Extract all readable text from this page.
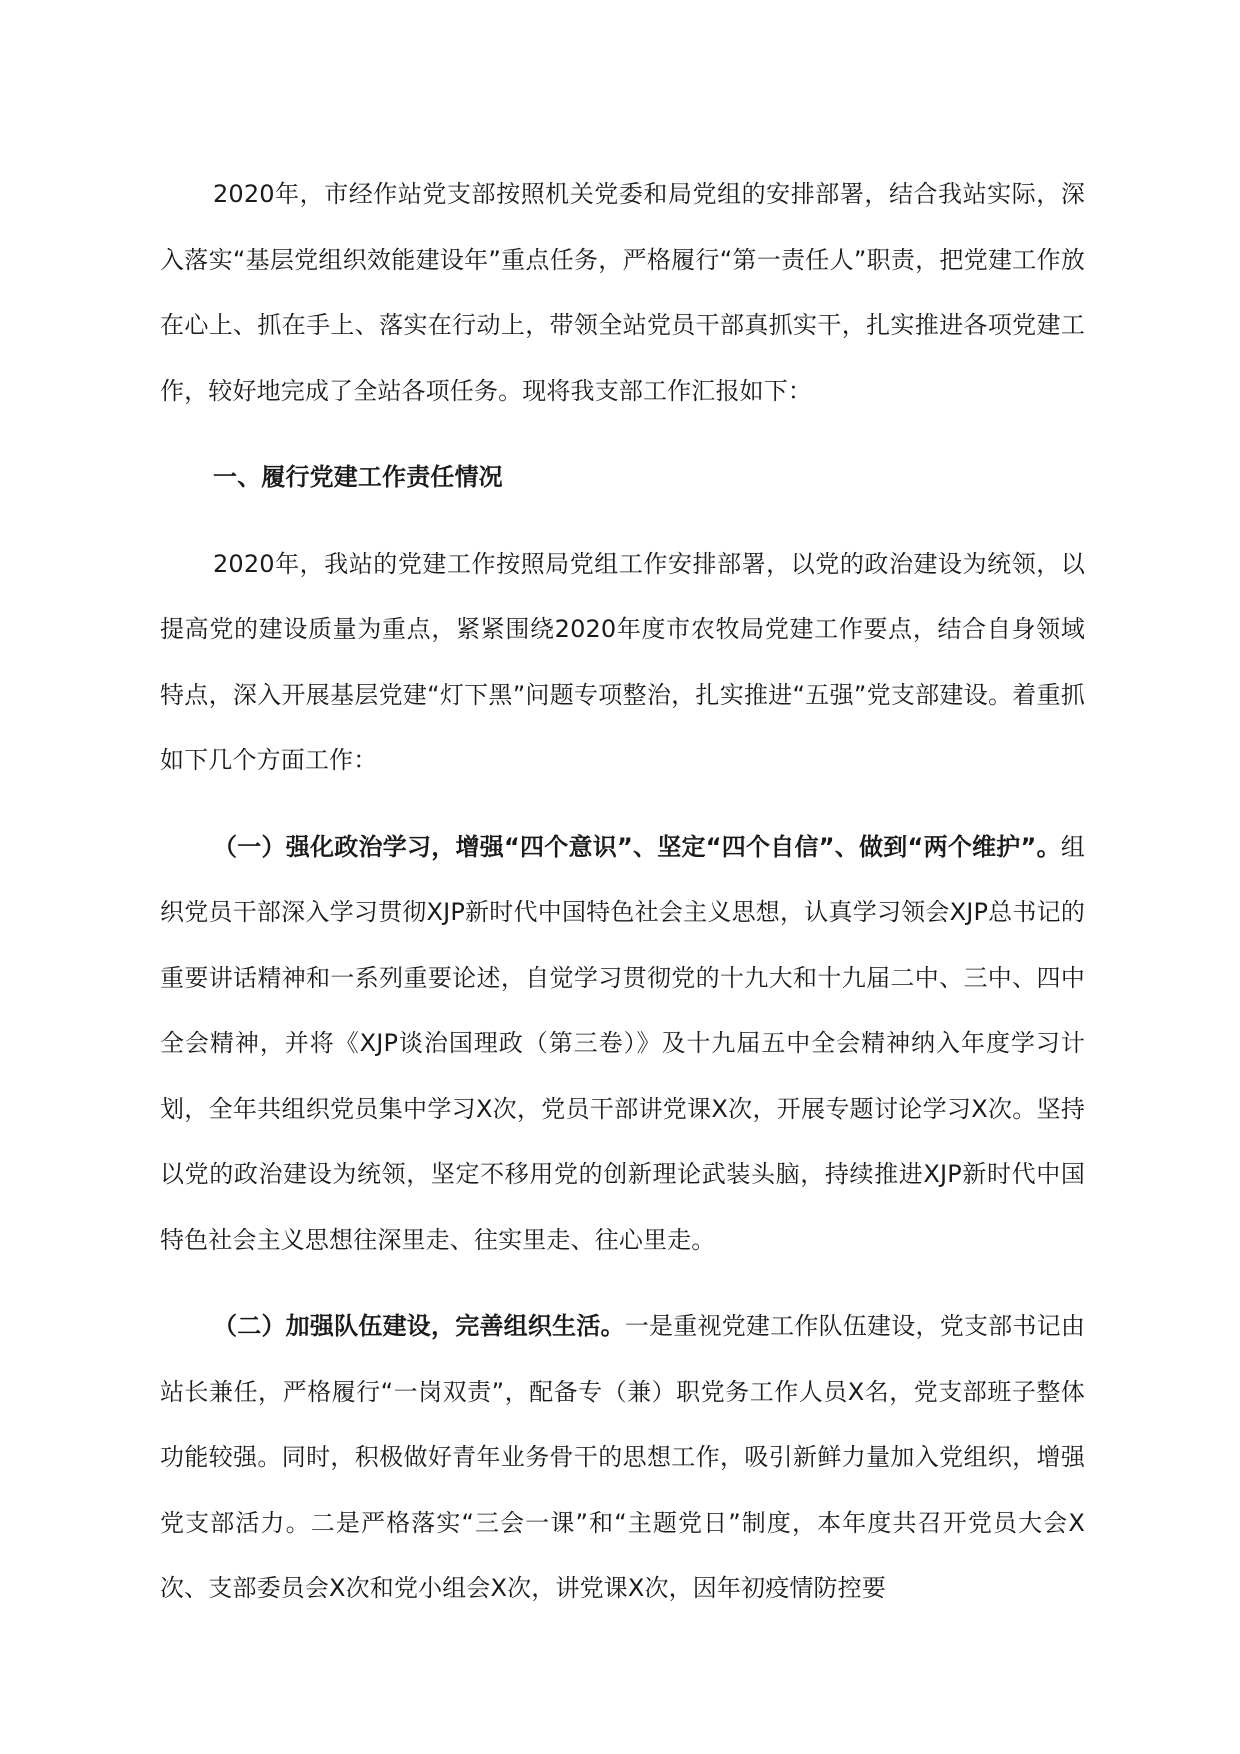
2020年，市经作站党支部按照机关党委和局党组的安排部署，结合我站实际，深入落实“基层党组织效能建设年”重点任务，严格履行“第一责任人”职责，把党建工作放在心上、抓在手上、落实在行动上，带领全站党员干部真抓实干，扎实推进各项党建工作，较好地完成了全站各项任务。现将我支部工作汇报如下：

一、履行党建工作责任情况

2020年，我站的党建工作按照局党组工作安排部署，以党的政治建设为统领，以提高党的建设质量为重点，紧紧围绕2020年度市农牧局党建工作要点，结合自身领域特点，深入开展基层党建“灯下黑”问题专项整治，扎实推进“五强”党支部建设。着重抓如下几个方面工作：

（一）强化政治学习，增强“四个意识”、坚定“四个自信”、做到“两个维护”。组织党员干部深入学习贯彻XJP新时代中国特色社会主义思想，认真学习领会XJP总书记的重要讲话精神和一系列重要论述，自觉学习贯彻党的十九大和十九届二中、三中、四中全会精神，并将《XJP谈治国理政（第三卷）》及十九届五中全会精神纳入年度学习计划，全年共组织党员集中学习X次，党员干部讲党课X次，开展专题讨论学习X次。坚持以党的政治建设为统领，坚定不移用党的创新理论武装头脑，持续推进XJP新时代中国特色社会主义思想往深里走、往实里走、往心里走。

（二）加强队伍建设，完善组织生活。一是重视党建工作队伍建设，党支部书记由站长兼任，严格履行“一岗双责”，配备专（兼）职党务工作人员X名，党支部班子整体功能较强。同时，积极做好青年业务骨干的思想工作，吸引新鲜力量加入党组织，增强党支部活力。二是严格落实“三会一课”和“主题党日”制度，本年度共召开党员大会X次、支部委员会X次和党小组会X次，讲党课X次，因年初疫情防控要
